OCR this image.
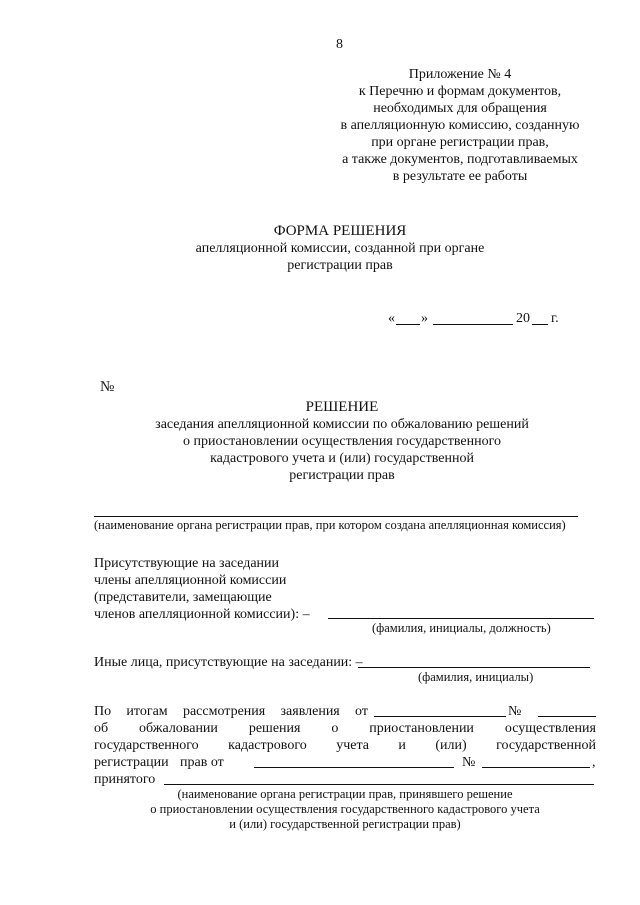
8
Приложение № 4
к Перечню и формам документов,
необходимых для обращения
в апелляционную комиссию, созданную
при органе регистрации прав,
а также документов, подготавливаемых
в результате ее работы
ФОРМА РЕШЕНИЯ
апелляционной комиссии, созданной при органе
регистрации прав
« »	20 г.
№
РЕШЕНИЕ
заседания апелляционной комиссии по обжалованию решений
о приостановлении осуществления государственного
кадастрового учета и (или) государственной
регистрации прав
(наименование органа регистрации прав, при котором создана апелляционная комиссия)
Присутствующие на заседании
члены апелляционной комиссии
(представители, замещающие
членов апелляционной комиссии): –
(фамилия, инициалы, должность)
Иные лица, присутствующие на заседании: –
(фамилия, инициалы)
По итогам рассмотрения заявления от	№
об обжаловании решения о приостановлении осуществления
государственного кадастрового учета и (или) государственной
регистрации прав от	№	,
принятого
(наименование органа регистрации прав, принявшего решение
о приостановлении осуществления государственного кадастрового учета
и (или) государственной регистрации прав)
